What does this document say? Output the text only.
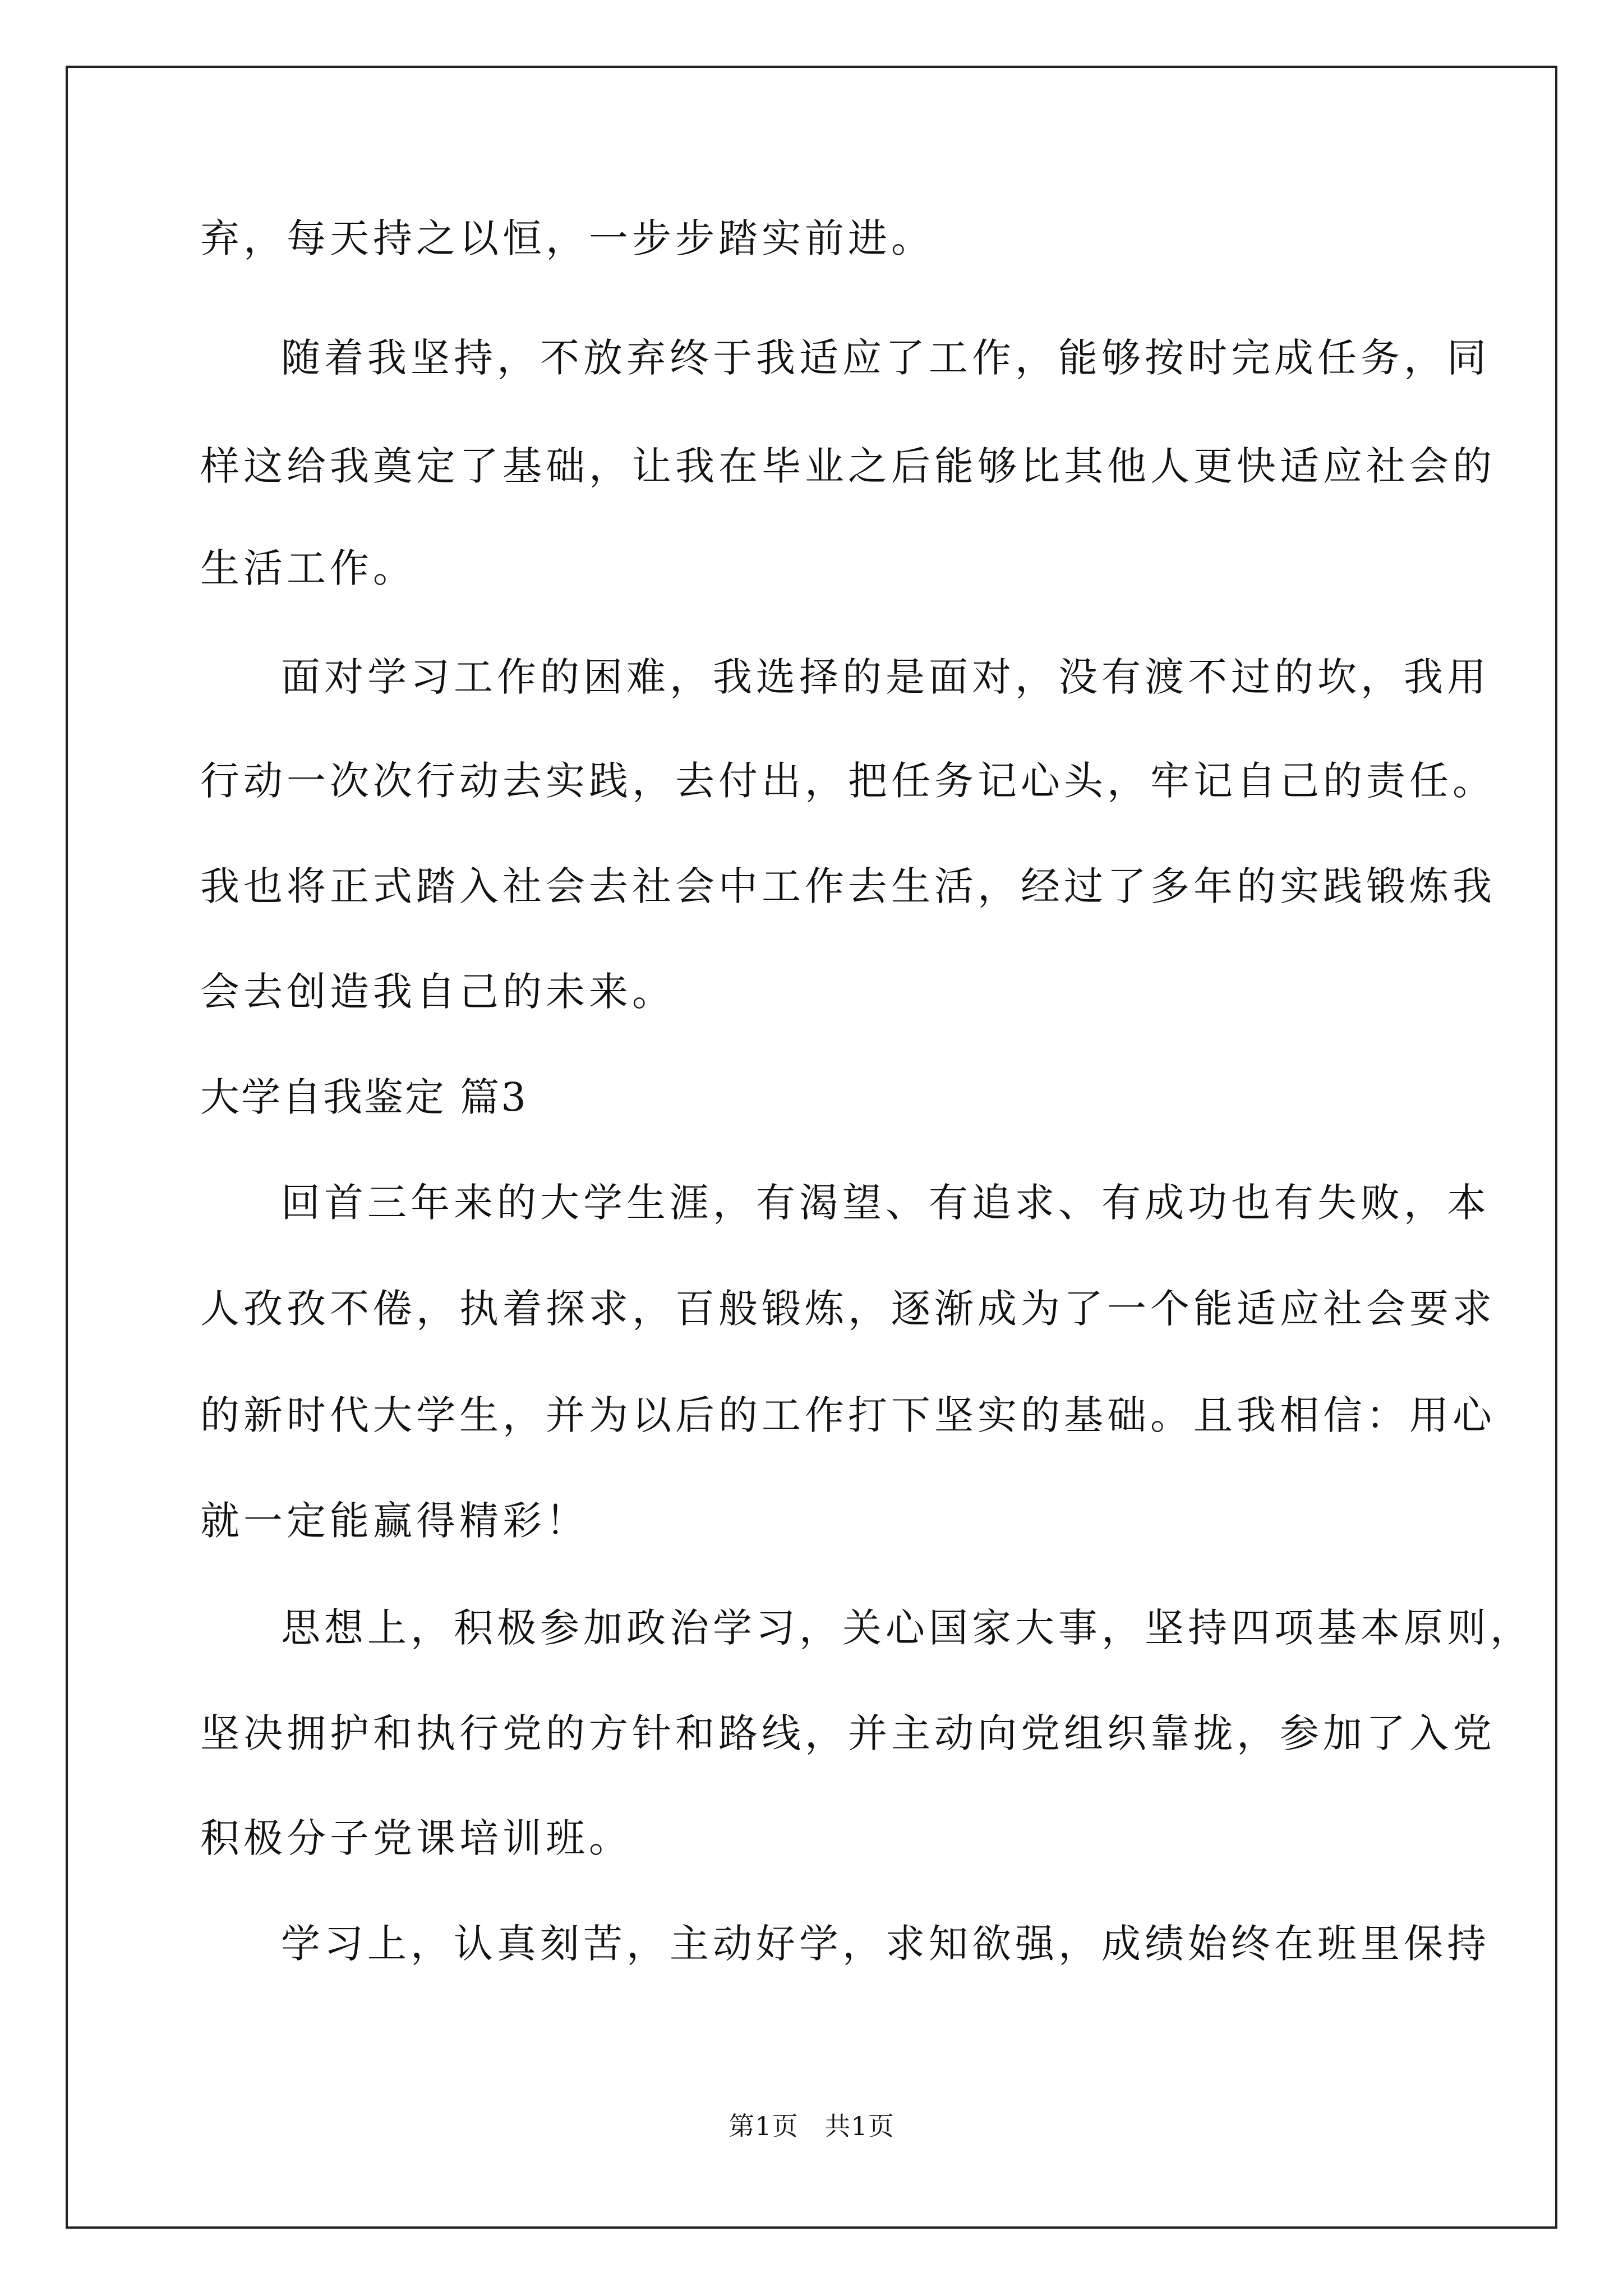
弃，每天持之以恒，一步步踏实前进。
随着我坚持，不放弃终于我适应了工作，能够按时完成任务，同
样这给我奠定了基础，让我在毕业之后能够比其他人更快适应社会的
生活工作。
面对学习工作的困难，我选择的是面对，没有渡不过的坎，我用
行动一次次行动去实践，去付出，把任务记心头，牢记自己的责任。
我也将正式踏入社会去社会中工作去生活，经过了多年的实践锻炼我
会去创造我自己的未来。
大学自我鉴定 篇3
回首三年来的大学生涯，有渴望、有追求、有成功也有失败，本
人孜孜不倦，执着探求，百般锻炼，逐渐成为了一个能适应社会要求
的新时代大学生，并为以后的工作打下坚实的基础。且我相信：用心
就一定能赢得精彩！
思想上，积极参加政治学习，关心国家大事，坚持四项基本原则，
坚决拥护和执行党的方针和路线，并主动向党组织靠拢，参加了入党
积极分子党课培训班。
学习上，认真刻苦，主动好学，求知欲强，成绩始终在班里保持
第1页   共1页
